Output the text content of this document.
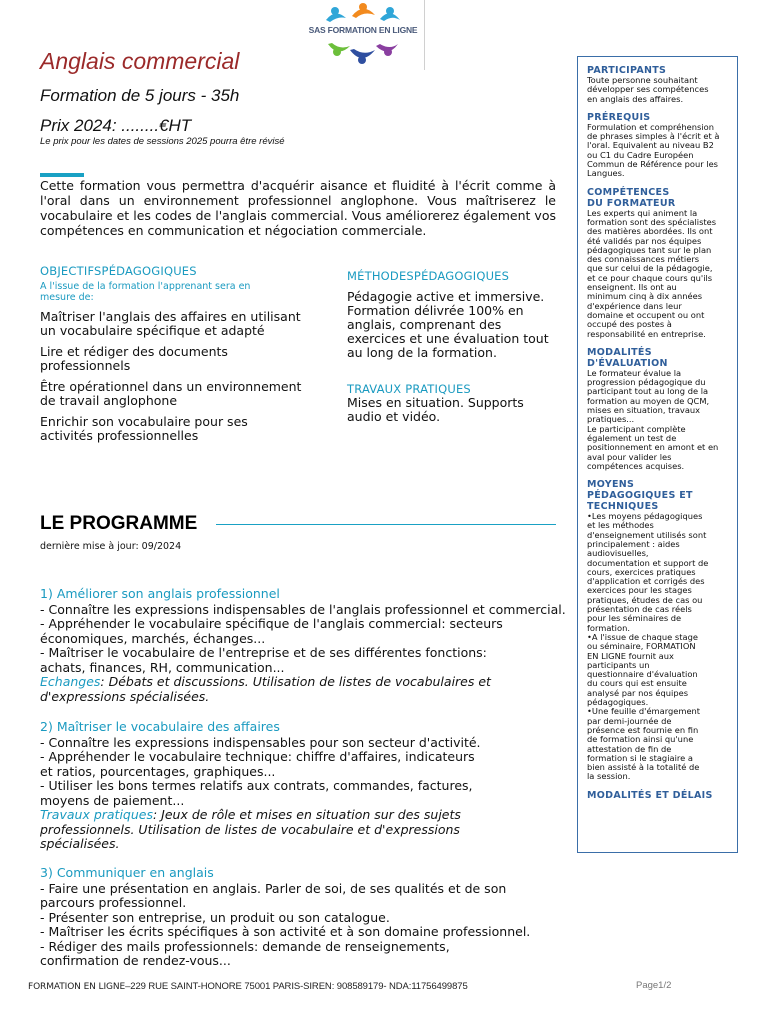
SAS FORMATION EN LIGNE
Anglais commercial
Formation de 5 jours - 35h
Prix 2024: ........€HT
Le prix pour les dates de sessions 2025 pourra être révisé
Cette formation vous permettra d'acquérir aisance et fluidité à l'écrit comme à l'oral dans un environnement professionnel anglophone. Vous maîtriserez le vocabulaire et les codes de l'anglais commercial. Vous améliorerez également vos compétences en communication et négociation commerciale.
OBJECTIFSPÉDAGOGIQUES
A l'issue de la formation l'apprenant sera en mesure de:
Maîtriser l'anglais des affaires en utilisant un vocabulaire spécifique et adapté
Lire et rédiger des documents professionnels
Être opérationnel dans un environnement de travail anglophone
Enrichir son vocabulaire pour ses activités professionnelles
MÉTHODESPÉDAGOGIQUES
Pédagogie active et immersive. Formation délivrée 100% en anglais, comprenant des exercices et une évaluation tout au long de la formation.
TRAVAUX PRATIQUES
Mises en situation. Supports audio et vidéo.
LE PROGRAMME
dernière mise à jour: 09/2024
1) Améliorer son anglais professionnel
- Connaître les expressions indispensables de l'anglais professionnel et commercial.
- Appréhender le vocabulaire spécifique de l'anglais commercial: secteurs
économiques, marchés, échanges...
- Maîtriser le vocabulaire de l'entreprise et de ses différentes fonctions:
achats, finances, RH, communication...
Echanges: Débats et discussions. Utilisation de listes de vocabulaires et
d'expressions spécialisées.
2) Maîtriser le vocabulaire des affaires
- Connaître les expressions indispensables pour son secteur d'activité.
- Appréhender le vocabulaire technique: chiffre d'affaires, indicateurs
et ratios, pourcentages, graphiques...
- Utiliser les bons termes relatifs aux contrats, commandes, factures,
moyens de paiement...
Travaux pratiques: Jeux de rôle et mises en situation sur des sujets
professionnels. Utilisation de listes de vocabulaire et d'expressions
spécialisées.
3) Communiquer en anglais
- Faire une présentation en anglais. Parler de soi, de ses qualités et de son
parcours professionnel.
- Présenter son entreprise, un produit ou son catalogue.
- Maîtriser les écrits spécifiques à son activité et à son domaine professionnel.
- Rédiger des mails professionnels: demande de renseignements,
confirmation de rendez-vous...
PARTICIPANTS
Toute personne souhaitant
développer ses compétences
en anglais des affaires.
PRÉREQUIS
Formulation et compréhension
de phrases simples à l'écrit et à
l'oral. Equivalent au niveau B2
ou C1 du Cadre Européen
Commun de Référence pour les
Langues.
COMPÉTENCES
DU FORMATEUR
Les experts qui animent la
formation sont des spécialistes
des matières abordées. Ils ont
été validés par nos équipes
pédagogiques tant sur le plan
des connaissances métiers
que sur celui de la pédagogie,
et ce pour chaque cours qu'ils
enseignent. Ils ont au
minimum cinq à dix années
d'expérience dans leur
domaine et occupent ou ont
occupé des postes à
responsabilité en entreprise.
MODALITÉS
D'ÉVALUATION
Le formateur évalue la
progression pédagogique du
participant tout au long de la
formation au moyen de QCM,
mises en situation, travaux
pratiques...
Le participant complète
également un test de
positionnement en amont et en
aval pour valider les
compétences acquises.
MOYENS
PÉDAGOGIQUES ET
TECHNIQUES
•Les moyens pédagogiques
et les méthodes
d'enseignement utilisés sont
principalement : aides
audiovisuelles,
documentation et support de
cours, exercices pratiques
d'application et corrigés des
exercices pour les stages
pratiques, études de cas ou
présentation de cas réels
pour les séminaires de
formation.
•A l'issue de chaque stage
ou séminaire, FORMATION
EN LIGNE fournit aux
participants un
questionnaire d'évaluation
du cours qui est ensuite
analysé par nos équipes
pédagogiques.
•Une feuille d'émargement
par demi-journée de
présence est fournie en fin
de formation ainsi qu'une
attestation de fin de
formation si le stagiaire a
bien assisté à la totalité de
la session.
MODALITÉS ET DÉLAIS
FORMATION EN LIGNE–229 RUE SAINT-HONORE 75001 PARIS-SIREN: 908589179- NDA:11756499875	Page1/2
